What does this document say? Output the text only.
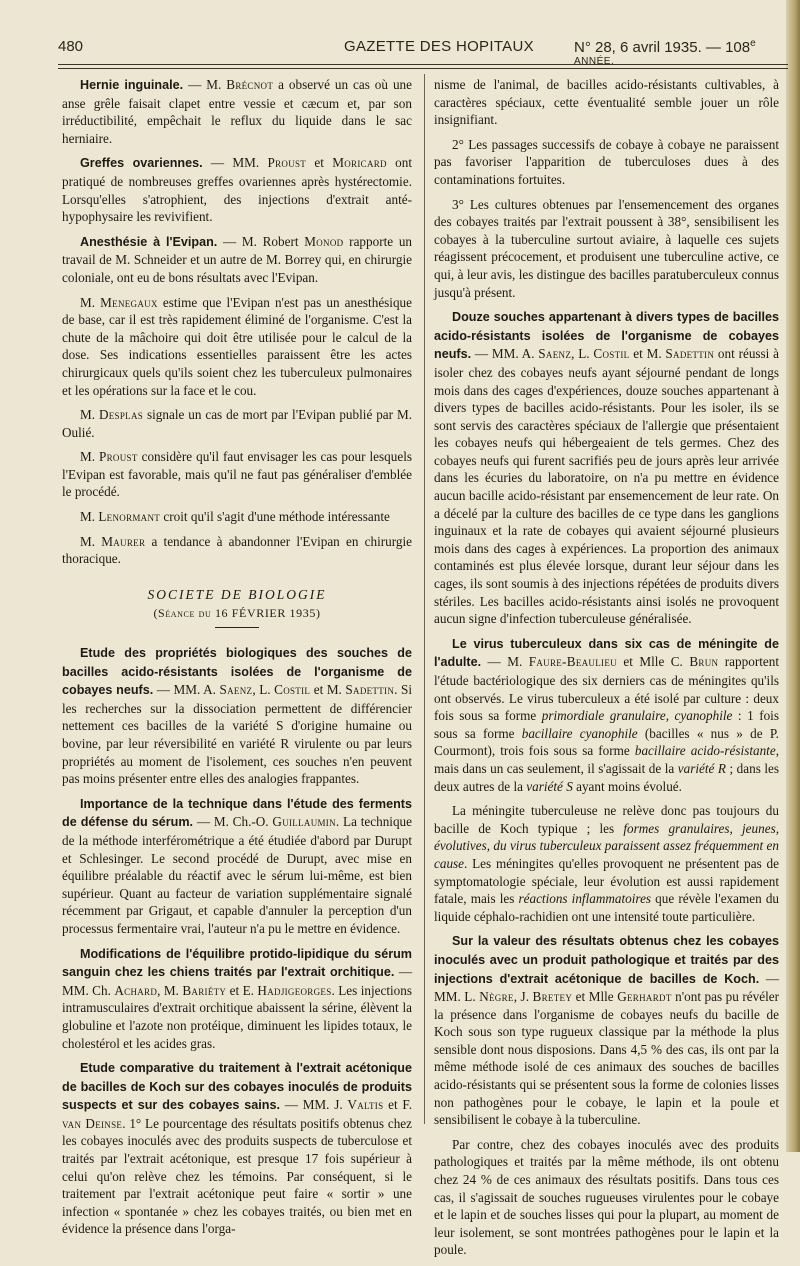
480	GAZETTE DES HOPITAUX	N° 28, 6 avril 1935. — $108^{e ANNÉE.}$

Hernie inguinale. — M. Brécnot a observé un cas où une anse grêle faisait clapet entre vessie et cæcum et, par son irréductibilité, empêchait le reflux du liquide dans le sac herniaire.

Greffes ovariennes. — MM. Proust et Moricard ont pratiqué de nombreuses greffes ovariennes après hystérectomie. Lorsqu'elles s'atrophient, des injections d'extrait anté-hypophysaire les revivifient.

Anesthésie à l'Evipan. — M. Robert Monod rapporte un travail de M. Schneider et un autre de M. Borrey qui, en chirurgie coloniale, ont eu de bons résultats avec l'Evipan.

M. Menegaux estime que l'Evipan n'est pas un anesthésique de base, car il est très rapidement éliminé de l'organisme. C'est la chute de la mâchoire qui doit être utilisée pour le calcul de la dose. Ses indications essentielles paraissent être les actes chirurgicaux quels qu'ils soient chez les tuberculeux pulmonaires et les opérations sur la face et le cou.

M. Desplas signale un cas de mort par l'Evipan publié par M. Oulié.

M. Proust considère qu'il faut envisager les cas pour lesquels l'Evipan est favorable, mais qu'il ne faut pas généraliser d'emblée le procédé.

M. Lenormant croit qu'il s'agit d'une méthode intéressante

M. Maurer a tendance à abandonner l'Evipan en chirurgie thoracique.

SOCIETE DE BIOLOGIE
(Séance du 16 FÉVRIER 1935)

Etude des propriétés biologiques des souches de bacilles acido-résistants isolées de l'organisme de cobayes neufs. — MM. A. Saenz, L. Costil et M. Sadettin. Si les recherches sur la dissociation permettent de différencier nettement ces bacilles de la variété S d'origine humaine ou bovine, par leur réversibilité en variété R virulente ou par leurs propriétés au moment de l'isolement, ces souches n'en peuvent pas moins présenter entre elles des analogies frappantes.

Importance de la technique dans l'étude des ferments de défense du sérum. — M. Ch.-O. Guillaumin. La technique de la méthode interférométrique a été étudiée d'abord par Durupt et Schlesinger. Le second procédé de Durupt, avec mise en équilibre préalable du réactif avec le sérum lui-même, est bien supérieur. Quant au facteur de variation supplémentaire signalé récemment par Grigaut, et capable d'annuler la perception d'un processus fermentaire vrai, l'auteur n'a pu le mettre en évidence.

Modifications de l'équilibre protido-lipidique du sérum sanguin chez les chiens traités par l'extrait orchitique. — MM. Ch. Achard, M. Bariéty et E. Hadjigeorges. Les injections intramusculaires d'extrait orchitique abaissent la sérine, élèvent la globuline et l'azote non protéique, diminuent les lipides totaux, le cholestérol et les acides gras.

Etude comparative du traitement à l'extrait acétonique de bacilles de Koch sur des cobayes inoculés de produits suspects et sur des cobayes sains. — MM. J. Valtis et F. van Deinse. 1° Le pourcentage des résultats positifs obtenus chez les cobayes inoculés avec des produits suspects de tuberculose et traités par l'extrait acétonique, est presque 17 fois supérieur à celui qu'on relève chez les témoins. Par conséquent, si le traitement par l'extrait acétonique peut faire « sortir » une infection « spontanée » chez les cobayes traités, ou bien met en évidence la présence dans l'orga-

nisme de l'animal, de bacilles acido-résistants cultivables, à caractères spéciaux, cette éventualité semble jouer un rôle insignifiant.

2° Les passages successifs de cobaye à cobaye ne paraissent pas favoriser l'apparition de tuberculoses dues à des contaminations fortuites.

3° Les cultures obtenues par l'ensemencement des organes des cobayes traités par l'extrait poussent à 38°, sensibilisent les cobayes à la tuberculine surtout aviaire, à laquelle ces sujets réagissent précocement, et produisent une tuberculine active, ce qui, à leur avis, les distingue des bacilles paratuberculeux connus jusqu'à présent.

Douze souches appartenant à divers types de bacilles acido-résistants isolées de l'organisme de cobayes neufs. — MM. A. Saenz, L. Costil et M. Sadettin ont réussi à isoler chez des cobayes neufs ayant séjourné pendant de longs mois dans des cages d'expériences, douze souches appartenant à divers types de bacilles acido-résistants. Pour les isoler, ils se sont servis des caractères spéciaux de l'allergie que présentaient les cobayes neufs qui hébergeaient de tels germes. Chez des cobayes neufs qui furent sacrifiés peu de jours après leur arrivée dans les écuries du laboratoire, on n'a pu mettre en évidence aucun bacille acido-résistant par ensemencement de leur rate. On a décelé par la culture des bacilles de ce type dans les ganglions inguinaux et la rate de cobayes qui avaient séjourné plusieurs mois dans des cages à expériences. La proportion des animaux contaminés est plus élevée lorsque, durant leur séjour dans les cages, ils sont soumis à des injections répétées de produits divers stériles. Les bacilles acido-résistants ainsi isolés ne provoquent aucun signe d'infection tuberculeuse généralisée.

Le virus tuberculeux dans six cas de méningite de l'adulte. — M. Faure-Beaulieu et Mlle C. Brun rapportent l'étude bactériologique des six derniers cas de méningites qu'ils ont observés. Le virus tuberculeux a été isolé par culture : deux fois sous sa forme primordiale granulaire, cyanophile : 1 fois sous sa forme bacillaire cyanophile (bacilles « nus » de P. Courmont), trois fois sous sa forme bacillaire acido-résistante, mais dans un cas seulement, il s'agissait de la variété R ; dans les deux autres de la variété S ayant moins évolué.

La méningite tuberculeuse ne relève donc pas toujours du bacille de Koch typique ; les formes granulaires, jeunes, évolutives, du virus tuberculeux paraissent assez fréquemment en cause. Les méningites qu'elles provoquent ne présentent pas de symptomatologie spéciale, leur évolution est aussi rapidement fatale, mais les réactions inflammatoires que révèle l'examen du liquide céphalo-rachidien ont une intensité toute particulière.

Sur la valeur des résultats obtenus chez les cobayes inoculés avec un produit pathologique et traités par des injections d'extrait acétonique de bacilles de Koch. — MM. L. Nègre, J. Bretey et Mlle Gerhardt n'ont pas pu révéler la présence dans l'organisme de cobayes neufs du bacille de Koch sous son type rugueux classique par la méthode la plus sensible dont nous disposions. Dans 4,5 % des cas, ils ont par la même méthode isolé de ces animaux des souches de bacilles acido-résistants qui se présentent sous la forme de colonies lisses non pathogènes pour le cobaye, le lapin et la poule et sensibilisent le cobaye à la tuberculine.

Par contre, chez des cobayes inoculés avec des produits pathologiques et traités par la même méthode, ils ont obtenu chez 24 % de ces animaux des résultats positifs. Dans tous ces cas, il s'agissait de souches rugueuses virulentes pour le cobaye et le lapin et de souches lisses qui pour la plupart, au moment de leur isolement, se sont montrées pathogènes pour le lapin et la poule.
